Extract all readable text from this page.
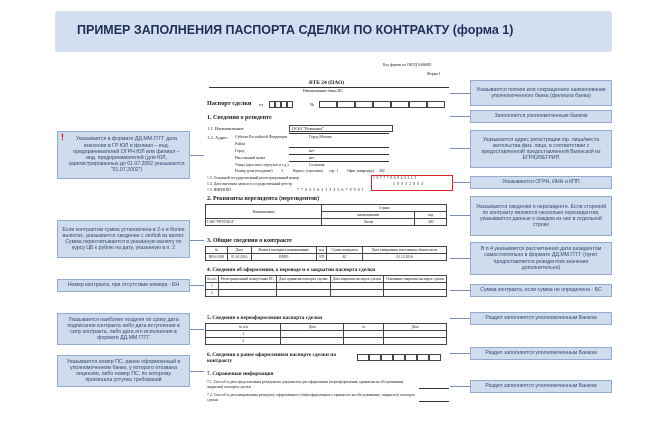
ПРИМЕР ЗАПОЛНЕНИЯ ПАСПОРТА СДЕЛКИ ПО КОНТРАКТУ (форма 1)
Код формы по ОКУД 0406005
Форма 1
ВТБ 24 (ПАО)
Наименование банка ПС
Паспорт сделки от	№
1. Сведения о резиденте
1.1. Наименование	ООО "Ромашка"
1.2. Адрес: Субъект Российской Федерации	Город Москва
Район
Город	нет
Населенный пункт	нет
Улица (проспект, переулок и т.д.)	Сосновая
Номер дома (владение) 3	Корпус (строение) стр. 1 Офис (квартира) 202
1.3. Основной государственный регистрационный номер	1 0 7 7 7 0 6 8 4 3 2 1 5
1.4. Дата внесения записи в государственный реестр	1 0 0 3 2 0 0 4
1.5. ИНН/КПП	7 7 0 4 5 6 2 1 3 4 5 6 7 8 9 0 1
2. Реквизиты нерезидента (нерезидентов)
Наименование	Страна	
	наименование	код
UAB "PENTAKA"	Литва	440
3. Общие сведения о контракте
№	Дата	Валюта контракта наименование	код	Сумма контракта	Дата завершения исполнения обязательств
RES-1208	01.10.2016	ЕВРО	978	БС	01.12.2016
4. Сведения об оформлении, о переводе и о закрытии паспорта сделки
№ п/п	Регистрационный номер банка ПС	Дата принятия паспорта сделки	Дата закрытия паспорта сделки	Основание закрытия паспорта сделки
1				
2				
5. Сведения о переоформлении паспорта сделки
№ п/п	Дата	№	Дата
1			
2			
6. Сведения о ранее оформленном паспорте сделки по контракту
7. Справочная информация
7.1. Способ и дата представления резидентом документов для оформления (переоформления, принятия на обслуживание, закрытия) паспорта сделки
7.2. Способ и дата направления резиденту оформленного (переоформленного, принятого на обслуживание, закрытого) паспорта сделки
Указывается полное или сокращенное наименование уполномоченного банка (филиала банка)
Заполняется уполномоченным банком
Указывается адрес регистрации юр. лица/места жительства физ. лица, в соответствии с предоставленной/ предоставленной Выпиской из ЕГРЮЛ/ЕГРИП
Указываются ОГРН, ИНН и КПП
Указываются сведения о нерезиденте. Если стороной по контракту являются несколько нерезидентов, указываются данные о каждом из них в отдельной строке
В п.4 указывается рассчитанная дата резидентом самостоятельно в формате ДД.ММ.ГГГГ (пункт предоставляется резидентом значение дополнительно)
Сумма контракта, если сумма не определена - БС
Раздел заполняется уполномоченным Банком
Раздел заполняется уполномоченным Банком
Раздел заполняется уполномоченным Банком
!	Указывается в формате ДД.ММ.ГГГГ дата внесения в ГР ЮЛ и филиал – инд. предпринимателей ОГРН ЮЛ или филиал – инд. предпринимателей (для ЮЛ, зарегистрированных до 01.07.2002 указывается "01.07.2002")
Если контрактом сумма установлена в 2-х и более валютах, указывается сведение с любой из валют. Сумма пересчитывается в указанную валюту по курсу ЦБ к рублю на дату, указанную в п. 2
Номер контракта, при отсутствии номера - БН
Указывается наиболее поздняя по сроку дата подписания контракта либо дата вступления в силу контракта, либо дата его исполнения в формате ДД.ММ.ГГГГ
Указывается номер ПС, ранее оформленный в уполномоченном банке, у которого отозвана лицензия, либо номер ПС, по которому произошла уступка требований
